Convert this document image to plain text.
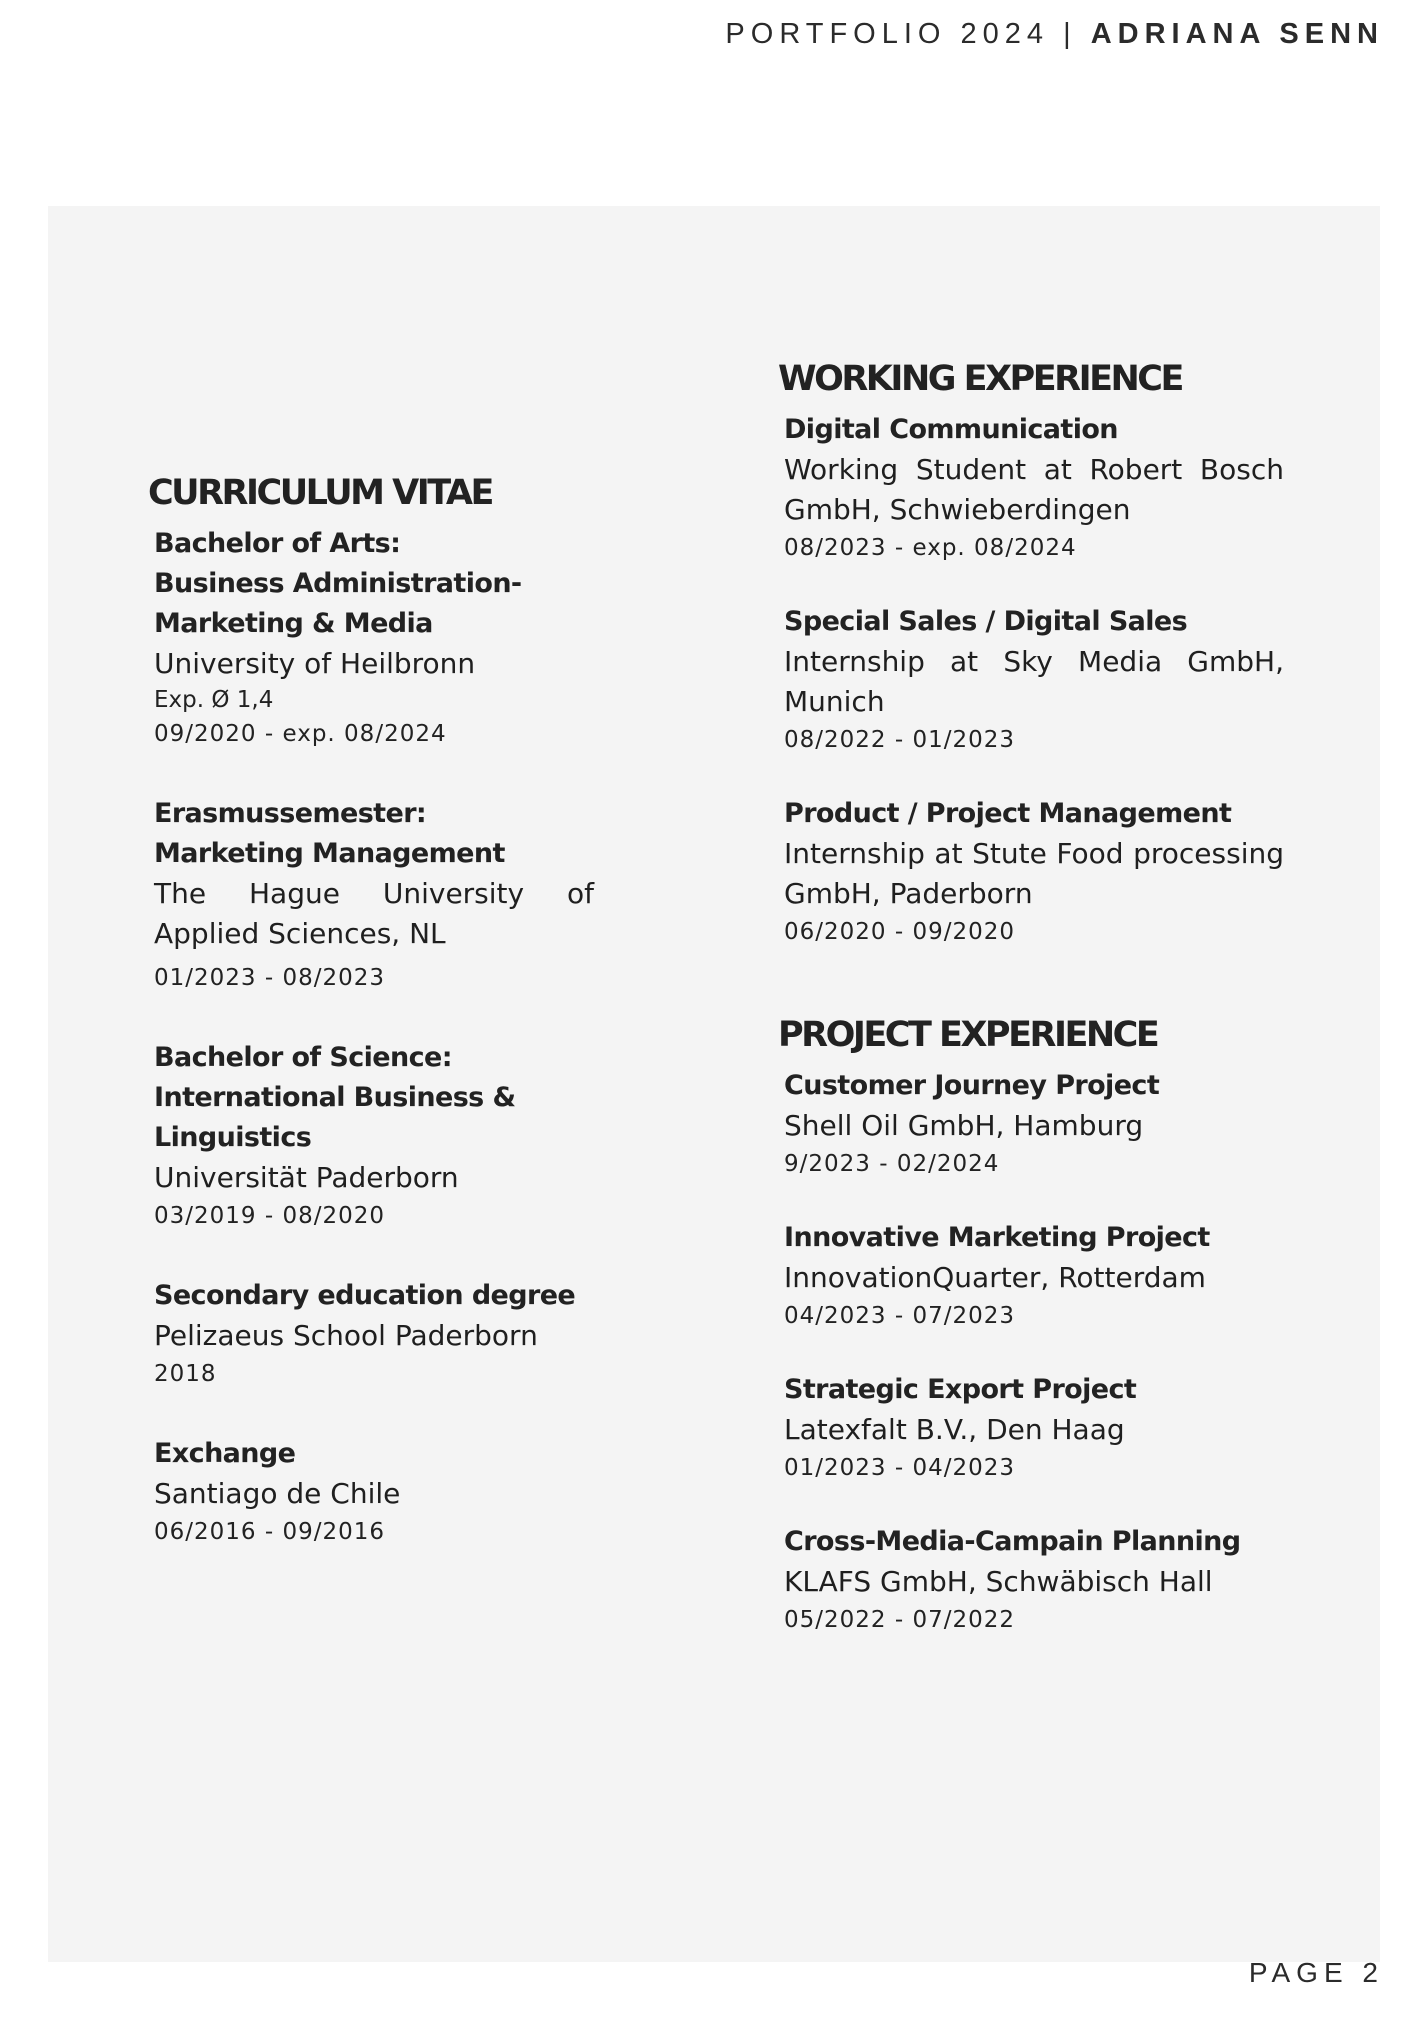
PORTFOLIO 2024 | ADRIANA SENN
CURRICULUM VITAE
Bachelor of Arts:
Business Administration-
Marketing & Media
University of Heilbronn
Exp. Ø 1,4
09/2020 - exp. 08/2024
Erasmussemester:
Marketing Management
The Hague University of Applied Sciences, NL
01/2023 - 08/2023
Bachelor of Science:
International Business &
Linguistics
Universität Paderborn
03/2019 - 08/2020
Secondary education degree
Pelizaeus School Paderborn
2018
Exchange
Santiago de Chile
06/2016 - 09/2016
WORKING EXPERIENCE
Digital Communication
Working Student at Robert Bosch GmbH, Schwieberdingen
08/2023 - exp. 08/2024
Special Sales / Digital Sales
Internship at Sky Media GmbH, Munich
08/2022 - 01/2023
Product / Project Management
Internship at Stute Food processing GmbH, Paderborn
06/2020 - 09/2020
PROJECT EXPERIENCE
Customer Journey Project
Shell Oil GmbH, Hamburg
9/2023 - 02/2024
Innovative Marketing Project
InnovationQuarter, Rotterdam
04/2023 - 07/2023
Strategic Export Project
Latexfalt B.V., Den Haag
01/2023 - 04/2023
Cross-Media-Campain Planning
KLAFS GmbH, Schwäbisch Hall
05/2022 - 07/2022
PAGE 2
